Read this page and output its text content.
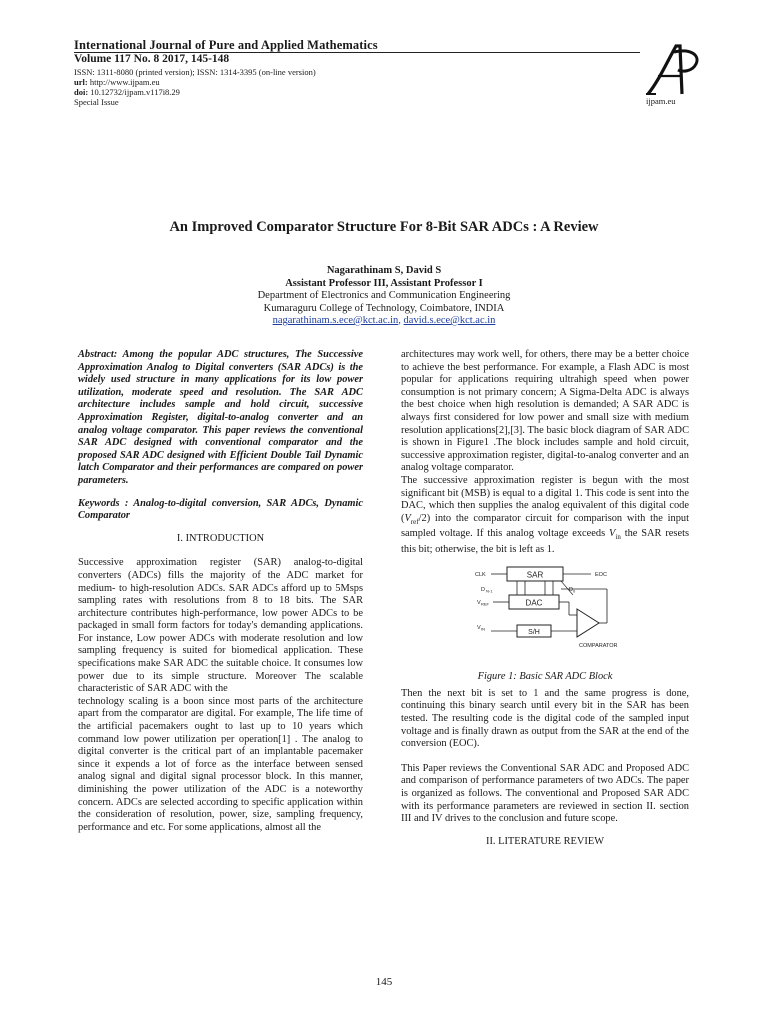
International Journal of Pure and Applied Mathematics
Volume 117 No. 8 2017, 145-148
ISSN: 1311-8080 (printed version); ISSN: 1314-3395 (on-line version)
url: http://www.ijpam.eu
doi: 10.12732/ijpam.v117i8.29
Special Issue	ijpam.eu
An Improved Comparator Structure For 8-Bit SAR ADCs : A Review
Nagarathinam S, David S
Assistant Professor III, Assistant Professor I
Department of Electronics and Communication Engineering
Kumaraguru College of Technology, Coimbatore, INDIA
nagarathinam.s.ece@kct.ac.in, david.s.ece@kct.ac.in
Abstract: Among the popular ADC structures, The Successive Approximation Analog to Digital converters (SAR ADCs) is the widely used structure in many applications for its low power utilization, moderate speed and resolution. The SAR ADC architecture includes sample and hold circuit, successive Approximation Register, digital-to-analog converter and an analog voltage comparator. This paper reviews the conventional SAR ADC designed with conventional comparator and the proposed SAR ADC designed with Efficient Double Tail Dynamic latch Comparator and their performances are compared on power parameters.
Keywords : Analog-to-digital conversion, SAR ADCs, Dynamic Comparator
I. INTRODUCTION
Successive approximation register (SAR) analog-to-digital converters (ADCs) fills the majority of the ADC market for medium- to high-resolution ADCs. SAR ADCs afford up to 5Msps sampling rates with resolutions from 8 to 18 bits. The SAR architecture contributes high-performance, low power ADCs to be packaged in small form factors for today's demanding applications. For instance, Low power ADCs with moderate resolution and low sampling frequency is suited for biomedical application. These specifications make SAR ADC the suitable choice. It consumes low power due to its simple structure. Moreover The scalable characteristic of SAR ADC with the
technology scaling is a boon since most parts of the architecture apart from the comparator are digital. For example, The life time of the artificial pacemakers ought to last up to 10 years which command low power utilization per operation[1] . The analog to digital converter is the critical part of an implantable pacemaker since it expends a lot of force as the interface between sensed analog signal and digital signal processor block. In this manner, diminishing the power utilization of the ADC is a noteworthy concern. ADCs are selected according to specific application within the consideration of resolution, power, size, sampling frequency, performance and etc. For some applications, almost all the
architectures may work well, for others, there may be a better choice to achieve the best performance. For example, a Flash ADC is most popular for applications requiring ultrahigh speed when power consumption is not primary concern; A Sigma-Delta ADC is always the best choice when high resolution is demanded; A SAR ADC is always first considered for low power and small size with medium resolution applications[2],[3]. The basic block diagram of SAR ADC is shown in Figure1 .The block includes sample and hold circuit, successive approximation register, digital-to-analog converter and an analog voltage comparator.
The successive approximation register is begun with the most significant bit (MSB) is equal to a digital 1. This code is sent into the DAC, which then supplies the analog equivalent of this digital code $(V_{ref}/2)$ into the comparator circuit for comparison with the input sampled voltage. If this analog voltage exceeds $V_{in}$ the SAR resets this bit; otherwise, the bit is left as 1.
SAR
CLK	EOC
D N-1	D 0
DAC
V REF
S/H
V IN
COMPARATOR
Figure 1: Basic SAR ADC Block
Then the next bit is set to 1 and the same progress is done, continuing this binary search until every bit in the SAR has been tested. The resulting code is the digital code of the sampled input voltage and is finally drawn as output from the SAR at the end of the conversion (EOC).
This Paper reviews the Conventional SAR ADC and Proposed ADC and comparison of performance parameters of two ADCs. The paper is organized as follows. The conventional and Proposed SAR ADC with its performance parameters are reviewed in section II. section III and IV drives to the conclusion and future scope.
II. LITERATURE REVIEW
145
